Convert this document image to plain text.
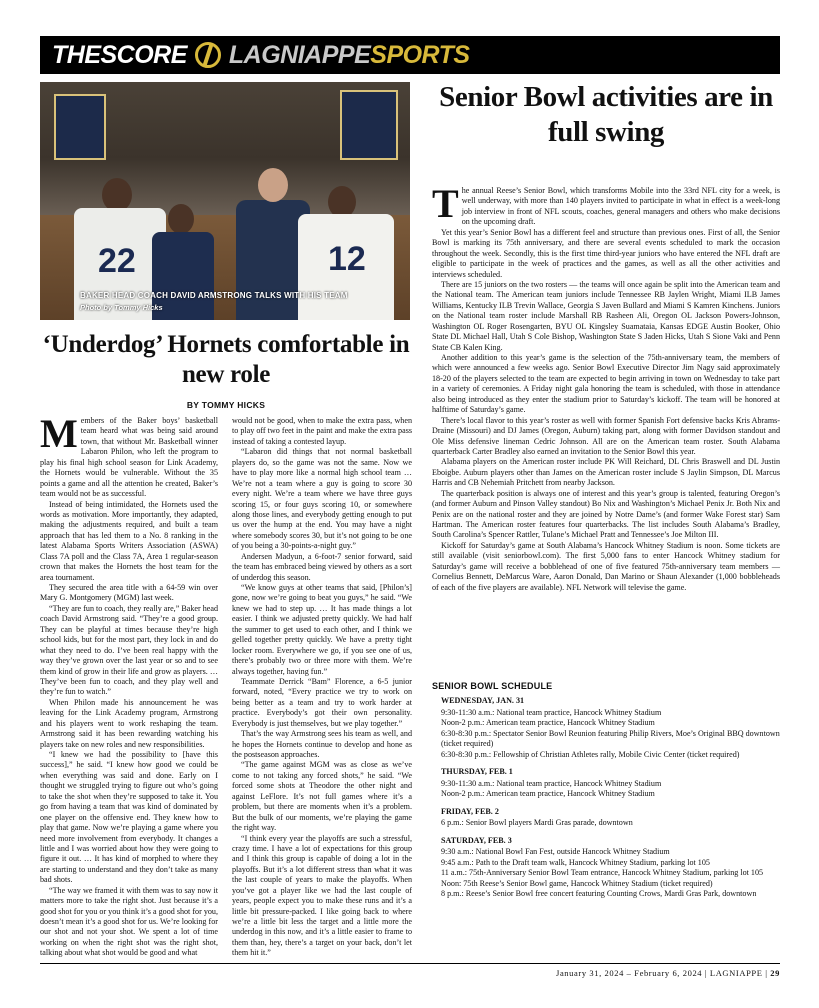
THE SCORE LAGNIAPPE SPORTS
22	12
BAKER HEAD COACH DAVID ARMSTRONG TALKS WITH HIS TEAM
Photo by Tommy Hicks
‘Underdog’ Hornets comfortable in new role
BY TOMMY HICKS

Members of the Baker boys’ basketball team heard what was being said around town, that without Mr. Basketball winner Labaron Philon, who left the program to play his final high school season for Link Academy, the Hornets would be vulnerable. Without the 35 points a game and all the attention he created, Baker’s team would not be as successful.

Instead of being intimidated, the Hornets used the words as motivation. More importantly, they adapted, making the adjustments required, and built a team approach that has led them to a No. 8 ranking in the latest Alabama Sports Writers Association (ASWA) Class 7A poll and the Class 7A, Area 1 regular-season crown that makes the Hornets the host team for the area tournament.

They secured the area title with a 64-59 win over Mary G. Montgomery (MGM) last week.

“They are fun to coach, they really are,” Baker head coach David Armstrong said. “They’re a good group. They can be playful at times because they’re high school kids, but for the most part, they lock in and do what they need to do. I’ve been real happy with the way they’ve grown over the last year or so and to see them kind of grow in their life and grow as players. … They’ve been fun to coach, and they play well and they’re fun to watch.”

When Philon made his announcement he was leaving for the Link Academy program, Armstrong and his players went to work reshaping the team. Armstrong said it has been rewarding watching his players take on new roles and new responsibilities.

“I knew we had the possibility to [have this success],” he said. “I knew how good we could be when everything was said and done. Early on I thought we struggled trying to figure out who’s going to take the shot when they’re supposed to take it. You go from having a team that was kind of dominated by one player on the offensive end. They knew how to play that game. Now we’re playing a game where you need more involvement from everybody. It changes a little and I was worried about how they were going to figure it out. … It has kind of morphed to where they are starting to understand and they don’t take as many bad shots.

“The way we framed it with them was to say now it matters more to take the right shot. Just because it’s a good shot for you or you think it’s a good shot for you, doesn’t mean it’s a good shot for us. We’re looking for our shot and not your shot. We spent a lot of time working on when the right shot was the right shot, talking about what shot would be good and what

would not be good, when to make the extra pass, when to play off two feet in the paint and make the extra pass instead of taking a contested layup.

“Labaron did things that not normal basketball players do, so the game was not the same. Now we have to play more like a normal high school team … We’re not a team where a guy is going to score 30 every night. We’re a team where we have three guys scoring 15, or four guys scoring 10, or somewhere along those lines, and everybody getting enough to put us over the hump at the end. You may have a night where somebody scores 30, but it’s not going to be one of you being a 30-points-a-night guy.”

Andersen Madyun, a 6-foot-7 senior forward, said the team has embraced being viewed by others as a sort of underdog this season.

“We know guys at other teams that said, [Philon’s] gone, now we’re going to beat you guys,” he said. “We knew we had to step up. … It has made things a lot easier. I think we adjusted pretty quickly. We had half the summer to get used to each other, and I think we gelled together pretty quickly. We have a pretty tight locker room. Everywhere we go, if you see one of us, there’s probably two or three more with them. We’re always together, having fun.”

Teammate Derrick “Bam” Florence, a 6-5 junior forward, noted, “Every practice we try to work on being better as a team and try to work harder at practice. Everybody’s got their own personality. Everybody is just themselves, but we play together.”

That’s the way Armstrong sees his team as well, and he hopes the Hornets continue to develop and hone as the postseason approaches.

“The game against MGM was as close as we’ve come to not taking any forced shots,” he said. “We forced some shots at Theodore the other night and against LeFlore. It’s not full games where it’s a problem, but there are moments when it’s a problem. But the bulk of our moments, we’re playing the game the right way.

“I think every year the playoffs are such a stressful, crazy time. I have a lot of expectations for this group and I think this group is capable of doing a lot in the playoffs. But it’s a lot different stress than what it was the last couple of years to make the playoffs. When you’ve got a player like we had the last couple of years, people expect you to make these runs and it’s a little bit pressure-packed. I like going back to where we’re a little bit less the target and a little more the underdog in this now, and it’s a little easier to frame to them than, hey, there’s a target on your back, don’t let them hit it.”

Senior Bowl activities are in full swing

The annual Reese’s Senior Bowl, which transforms Mobile into the 33rd NFL city for a week, is well underway, with more than 140 players invited to participate in what in effect is a week-long job interview in front of NFL scouts, coaches, general managers and others who make decisions on the upcoming draft.

Yet this year’s Senior Bowl has a different feel and structure than previous ones. First of all, the Senior Bowl is marking its 75th anniversary, and there are several events scheduled to mark the occasion throughout the week. Secondly, this is the first time third-year juniors who have entered the NFL draft are eligible to participate in the week of practices and the games, as well as all the other activities and interviews scheduled.

There are 15 juniors on the two rosters — the teams will once again be split into the American team and the National team. The American team juniors include Tennessee RB Jaylen Wright, Miami ILB James Williams, Kentucky ILB Trevin Wallace, Georgia S Javen Bullard and Miami S Kamren Kinchens. Juniors on the National team roster include Marshall RB Rasheen Ali, Oregon OL Jackson Powers-Johnson, Washington OL Roger Rosengarten, BYU OL Kingsley Suamataia, Kansas EDGE Austin Booker, Ohio State DL Michael Hall, Utah S Cole Bishop, Washington State S Jaden Hicks, Utah S Sione Vaki and Penn State CB Kalen King.

Another addition to this year’s game is the selection of the 75th-anniversary team, the members of which were announced a few weeks ago. Senior Bowl Executive Director Jim Nagy said approximately 18-20 of the players selected to the team are expected to begin arriving in town on Wednesday to take part in a variety of ceremonies. A Friday night gala honoring the team is scheduled, with those in attendance also being introduced as they enter the stadium prior to Saturday’s kickoff. The team will be honored at halftime of Saturday’s game.

There’s local flavor to this year’s roster as well with former Spanish Fort defensive backs Kris Abrams-Draine (Missouri) and DJ James (Oregon, Auburn) taking part, along with former Davidson standout and Ole Miss defensive lineman Cedric Johnson. All are on the American team roster. South Alabama quarterback Carter Bradley also earned an invitation to the Senior Bowl this year.

Alabama players on the American roster include PK Will Reichard, DL Chris Braswell and DL Justin Eboigbe. Auburn players other than James on the American roster include S Jaylin Simpson, DL Marcus Harris and CB Nehemiah Pritchett from nearby Jackson.

The quarterback position is always one of interest and this year’s group is talented, featuring Oregon’s (and former Auburn and Pinson Valley standout) Bo Nix and Washington’s Michael Penix Jr. Both Nix and Penix are on the national roster and they are joined by Notre Dame’s (and former Wake Forest star) Sam Hartman. The American roster features four quarterbacks. The list includes South Alabama’s Bradley, South Carolina’s Spencer Rattler, Tulane’s Michael Pratt and Tennessee’s Joe Milton III.

Kickoff for Saturday’s game at South Alabama’s Hancock Whitney Stadium is noon. Some tickets are still available (visit seniorbowl.com). The first 5,000 fans to enter Hancock Whitney stadium for Saturday’s game will receive a bobblehead of one of five featured 75th-anniversary team members — Cornelius Bennett, DeMarcus Ware, Aaron Donald, Dan Marino or Shaun Alexander (1,000 bobbleheads of each of the five players are available). NFL Network will televise the game.

SENIOR BOWL SCHEDULE
WEDNESDAY, JAN. 31

9:30-11:30 a.m.: National team practice, Hancock Whitney Stadium

Noon-2 p.m.: American team practice, Hancock Whitney Stadium

6:30-8:30 p.m.: Spectator Senior Bowl Reunion featuring Philip Rivers, Moe’s Original BBQ downtown (ticket required)

6:30-8:30 p.m.: Fellowship of Christian Athletes rally, Mobile Civic Center (ticket required)

THURSDAY, FEB. 1

9:30-11:30 a.m.: National team practice, Hancock Whitney Stadium

Noon-2 p.m.: American team practice, Hancock Whitney Stadium

FRIDAY, FEB. 2

6 p.m.: Senior Bowl players Mardi Gras parade, downtown

SATURDAY, FEB. 3

9:30 a.m.: National Bowl Fan Fest, outside Hancock Whitney Stadium

9:45 a.m.: Path to the Draft team walk, Hancock Whitney Stadium, parking lot 105

11 a.m.: 75th-Anniversary Senior Bowl Team entrance, Hancock Whitney Stadium, parking lot 105

Noon: 75th Reese’s Senior Bowl game, Hancock Whitney Stadium (ticket required)

8 p.m.: Reese’s Senior Bowl free concert featuring Counting Crows, Mardi Gras Park, downtown

January 31, 2024 – February 6, 2024 | LAGNIAPPE | 29
